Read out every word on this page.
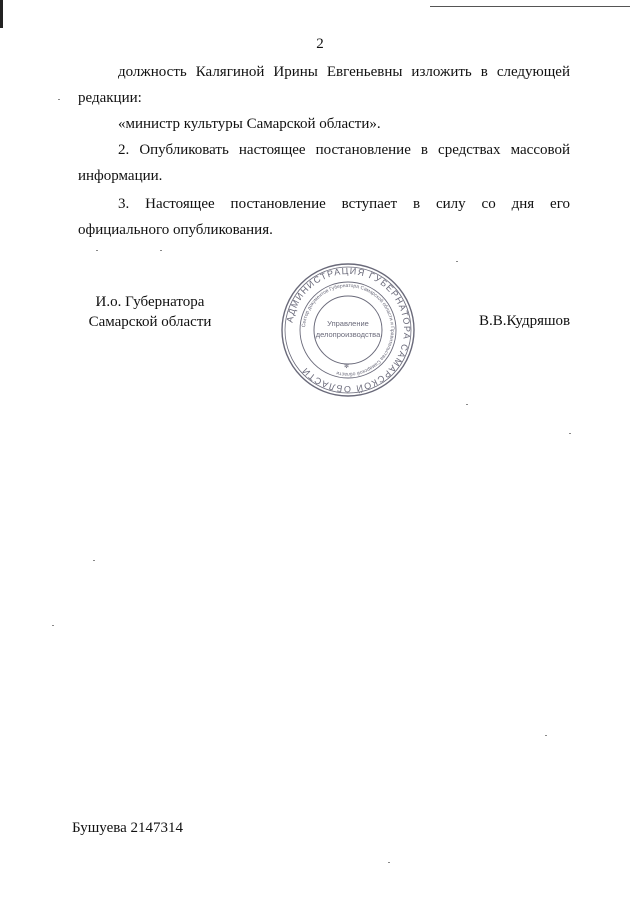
2
должность Калягиной Ирины Евгеньевны изложить в следующей
редакции:
«министр культуры Самарской области».
2. Опубликовать настоящее постановление в средствах массовой
информации.
3. Настоящее постановление вступает в силу со дня его
официального опубликования.
И.о. Губернатора
Самарской области	АДМИНИСТРАЦИЯ ГУБЕРНАТОРА САМАРСКОЙ ОБЛАСТИ
Сектор документов Губернатора Самарской области и Правительства Самарской области
Управление
делопроизводства
✻
В.В.Кудряшов
Бушуева 2147314
